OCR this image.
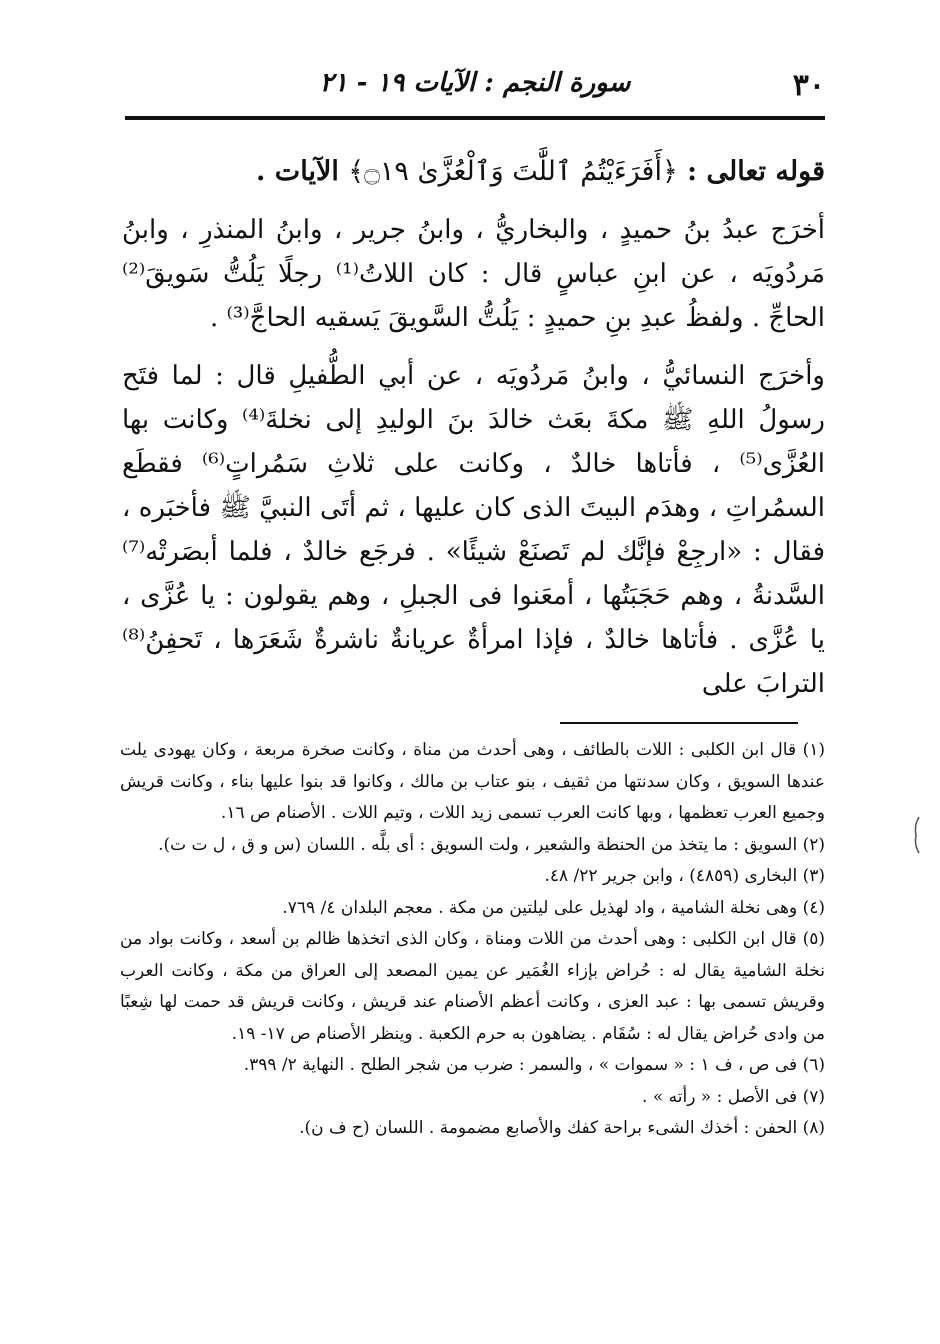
٣٠
سورة النجم : الآيات ١٩ - ٢١

قوله تعالى : ﴿أَفَرَءَيْتُمُ ٱللَّٰتَ وَٱلْعُزَّىٰ ۝١٩﴾ الآيات .

أخرَج عبدُ بنُ حميدٍ ، والبخاريُّ ، وابنُ جرير ، وابنُ المنذرِ ، وابنُ مَردُويَه ، عن ابنِ عباسٍ قال : كان اللاتُ⁽¹⁾ رجلًا يَلُتُّ سَويقَ⁽²⁾ الحاجِّ . ولفظُ عبدِ بنِ حميدٍ : يَلُتُّ السَّويقَ يَسقيه الحاجَّ⁽³⁾ .

وأخرَج النسائيُّ ، وابنُ مَردُويَه ، عن أبي الطُّفيلِ قال : لما فتَح رسولُ اللهِ ﷺ مكةَ بعَث خالدَ بنَ الوليدِ إلى نخلةَ⁽⁴⁾ وكانت بها العُزَّى⁽⁵⁾ ، فأتاها خالدٌ ، وكانت على ثلاثِ سَمُراتٍ⁽⁶⁾ فقطَع السمُراتِ ، وهدَم البيتَ الذى كان عليها ، ثم أتَى النبيَّ ﷺ فأخبَره ، فقال : «ارجِعْ فإنَّك لم تَصنَعْ شيئًا» . فرجَع خالدٌ ، فلما أبصَرتْه⁽⁷⁾ السَّدنةُ ، وهم حَجَبَتُها ، أمعَنوا فى الجبلِ ، وهم يقولون : يا عُزَّى ، يا عُزَّى . فأتاها خالدٌ ، فإذا امرأةٌ عريانةٌ ناشرةٌ شَعَرَها ، تَحفِنُ⁽⁸⁾ الترابَ على

(١) قال ابن الكلبى : اللات بالطائف ، وهى أحدث من مناة ، وكانت صخرة مربعة ، وكان يهودى يلت عندها السويق ، وكان سدنتها من ثقيف ، بنو عتاب بن مالك ، وكانوا قد بنوا عليها بناء ، وكانت قريش وجميع العرب تعظمها ، وبها كانت العرب تسمى زيد اللات ، وتيم اللات . الأصنام ص ١٦.
(٢) السويق : ما يتخذ من الحنطة والشعير ، ولت السويق : أى بلَّه . اللسان (س و ق ، ل ت ت).
(٣) البخارى (٤٨٥٩) ، وابن جرير ٢٢/ ٤٨.
(٤) وهى نخلة الشامية ، واد لهذيل على ليلتين من مكة . معجم البلدان ٤/ ٧٦٩.
(٥) قال ابن الكلبى : وهى أحدث من اللات ومناة ، وكان الذى اتخذها ظالم بن أسعد ، وكانت بواد من نخلة الشامية يقال له : حُراض بإزاء الغُمَير عن يمين المصعد إلى العراق من مكة ، وكانت العرب وقريش تسمى بها : عبد العزى ، وكانت أعظم الأصنام عند قريش ، وكانت قريش قد حمت لها شِعبًا من وادى حُراض يقال له : سُقَام . يضاهون به حرم الكعبة . وينظر الأصنام ص ١٧- ١٩.
(٦) فى ص ، ف ١ : « سموات » ، والسمر : ضرب من شجر الطلح . النهاية ٢/ ٣٩٩.
(٧) فى الأصل : « رأته » .
(٨) الحفن : أخذك الشىء براحة كفك والأصابع مضمومة . اللسان (ح ف ن).
